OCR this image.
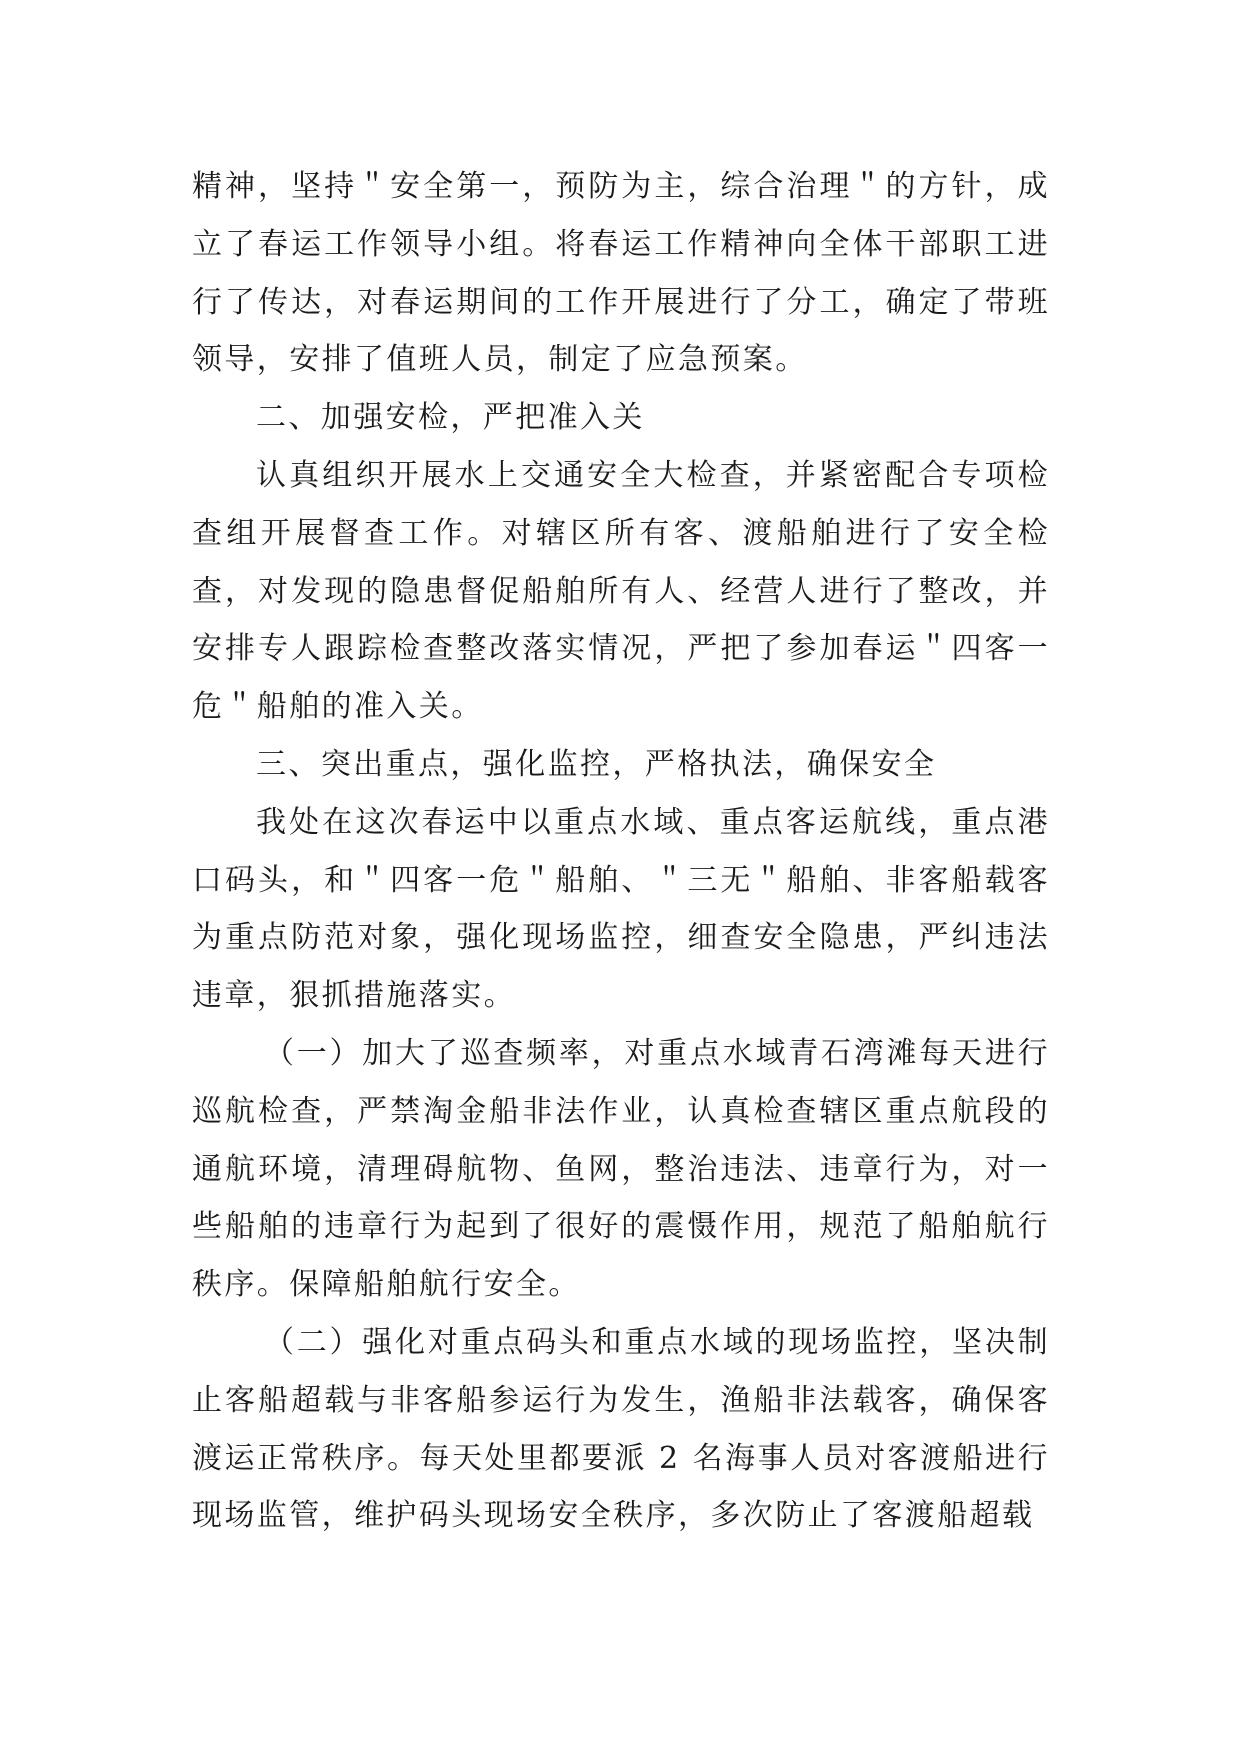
精神，坚持＂安全第一，预防为主，综合治理＂的方针，成立了春运工作领导小组。将春运工作精神向全体干部职工进行了传达，对春运期间的工作开展进行了分工，确定了带班领导，安排了值班人员，制定了应急预案。

二、加强安检，严把准入关

认真组织开展水上交通安全大检查，并紧密配合专项检查组开展督查工作。对辖区所有客、渡船舶进行了安全检查，对发现的隐患督促船舶所有人、经营人进行了整改，并安排专人跟踪检查整改落实情况，严把了参加春运＂四客一危＂船舶的准入关。

三、突出重点，强化监控，严格执法，确保安全

我处在这次春运中以重点水域、重点客运航线，重点港口码头，和＂四客一危＂船舶、＂三无＂船舶、非客船载客为重点防范对象，强化现场监控，细查安全隐患，严纠违法违章，狠抓措施落实。

（一）加大了巡查频率，对重点水域青石湾滩每天进行巡航检查，严禁淘金船非法作业，认真检查辖区重点航段的通航环境，清理碍航物、鱼网，整治违法、违章行为，对一些船舶的违章行为起到了很好的震慑作用，规范了船舶航行秩序。保障船舶航行安全。

（二）强化对重点码头和重点水域的现场监控，坚决制止客船超载与非客船参运行为发生，渔船非法载客，确保客渡运正常秩序。每天处里都要派 2 名海事人员对客渡船进行现场监管，维护码头现场安全秩序，多次防止了客渡船超载
